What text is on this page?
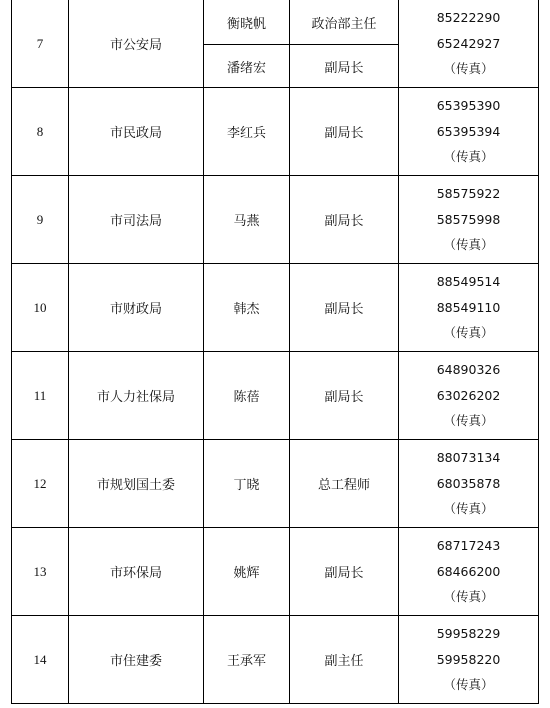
7	市公安局	衡晓帆	政治部主任	85222290
65242927
（传真）

		潘绪宏	副局长	
8	市民政局	李红兵	副局长	65395390
65395394
（传真）

9	市司法局	马燕	副局长	58575922
58575998
（传真）

10	市财政局	韩杰	副局长	88549514
88549110
（传真）

11	市人力社保局	陈蓓	副局长	64890326
63026202
（传真）

12	市规划国土委	丁晓	总工程师	88073134
68035878
（传真）

13	市环保局	姚辉	副局长	68717243
68466200
（传真）

14	市住建委	王承军	副主任	59958229
59958220
（传真）
